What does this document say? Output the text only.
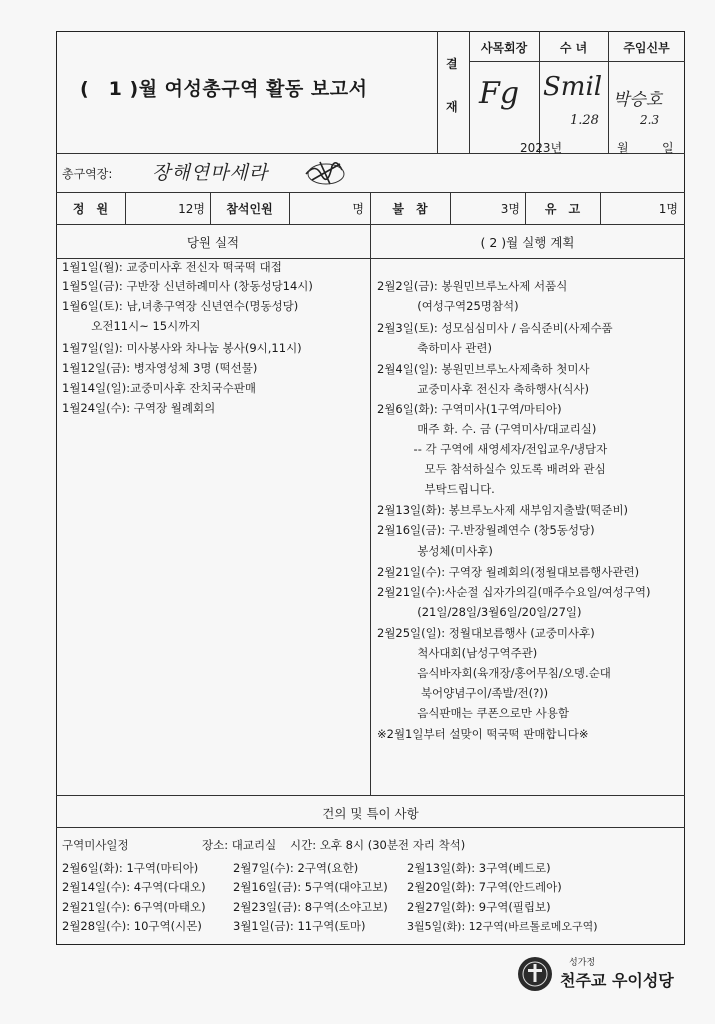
(　1 )월 여성총구역 활동 보고서
결
재
사목회장	수 녀	주임신부
Fg Smil
1.28
박승호
2.3
2023년	월	일
총구역장: 장해연마세라
정　원	12명	참석인원	명	불　참	3명	유　고	1명
당원 실적	( 2 )월 실행 계획
1월1일(월): 교중미사후 전신자 떡국떡 대접
1월5일(금): 구반장 신년하례미사 (창동성당14시)
1월6일(토): 남,녀총구역장 신년연수(명동성당)
오전11시~ 15시까지
1월7일(일): 미사봉사와 차나눔 봉사(9시,11시)
1월12일(금): 병자영성체 3명 (떡선물)
1월14일(일):교중미사후 잔치국수판매
1월24일(수): 구역장 월례회의
2월2일(금): 봉원민브루노사제 서품식
(여성구역25명참석)
2월3일(토): 성모심심미사 / 음식준비(사제수품
축하미사 관련)
2월4일(일): 봉원민브루노사제축하 첫미사
교중미사후 전신자 축하행사(식사)
2월6일(화): 구역미사(1구역/마티아)
매주 화. 수. 금 (구역미사/대교리실)
-- 각 구역에 새영세자/전입교우/냉담자
모두 참석하실수 있도록 배려와 관심
부탁드립니다.
2월13일(화): 봉브루노사제 새부임지출발(떡준비)
2월16일(금): 구.반장월례연수 (창5동성당)
봉성체(미사후)
2월21일(수): 구역장 월례회의(정월대보름행사관련)
2월21일(수):사순절 십자가의길(매주수요일/여성구역)
(21일/28일/3월6일/20일/27일)
2월25일(일): 정월대보름행사 (교중미사후)
척사대회(남성구역주관)
음식바자회(육개장/홍어무침/오뎅.순대
북어양념구이/족발/전(?))
음식판매는 쿠폰으로만 사용함
※2월1일부터 설맞이 떡국떡 판매합니다※
건의 및 특이 사항
구역미사일정	장소: 대교리실 시간: 오후 8시 (30분전 자리 착석)
2월6일(화): 1구역(마티아)	2월7일(수): 2구역(요한)	2월13일(화): 3구역(베드로)
2월14일(수): 4구역(다대오) 2월16일(금): 5구역(대야고보) 2월20일(화): 7구역(안드레아)
2월21일(수): 6구역(마태오) 2월23일(금): 8구역(소야고보) 2월27일(화): 9구역(필립보)
2월28일(수): 10구역(시몬)	3월1일(금): 11구역(토마)	3월5일(화): 12구역(바르톨로메오구역)
성가정
천주교 우이성당
